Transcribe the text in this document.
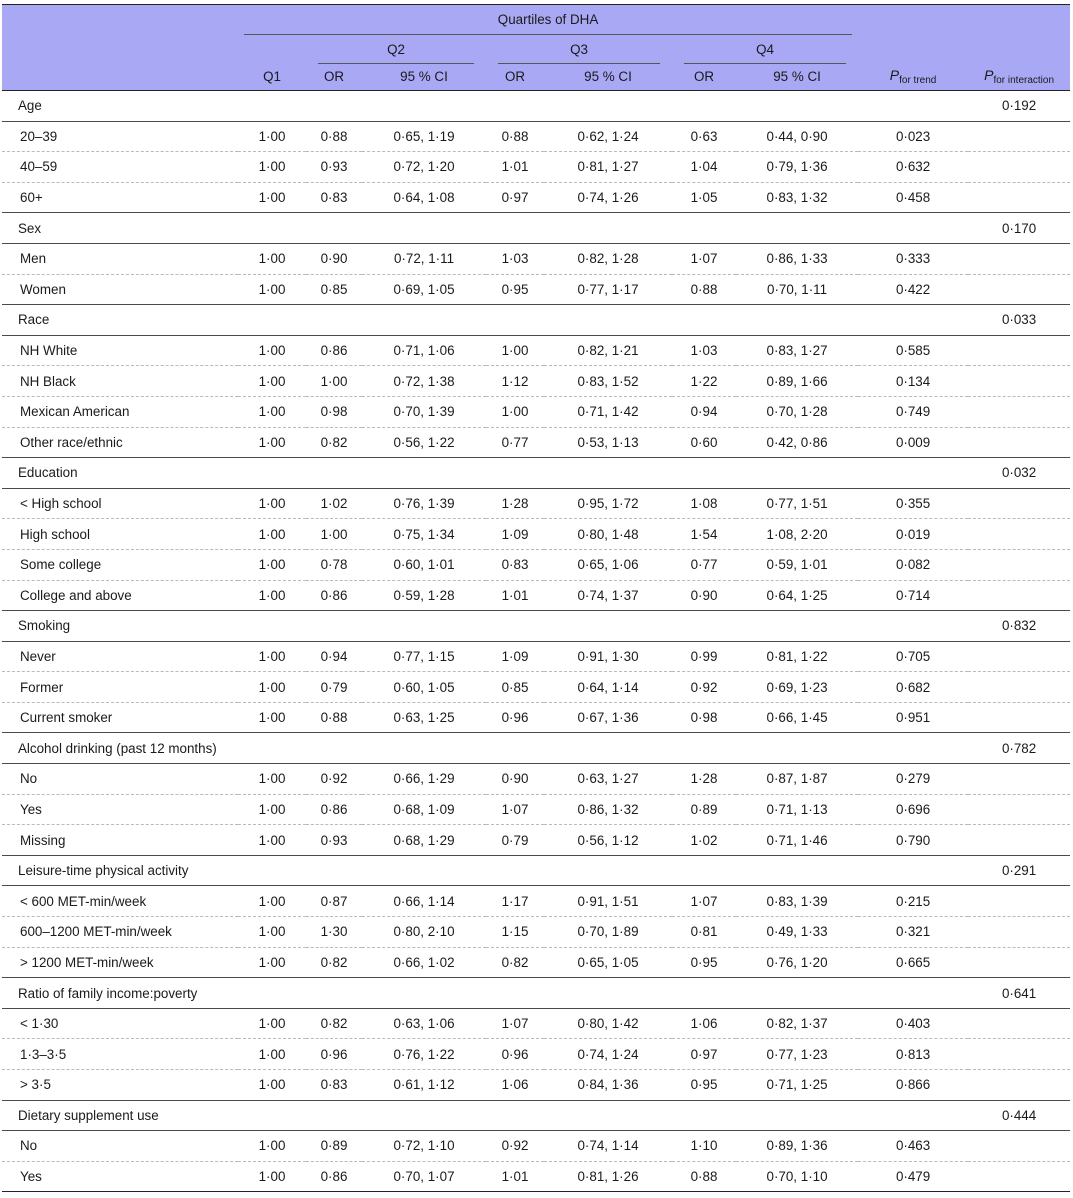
	Quartiles of DHA								
		Q2		Q3		Q4			
	Q1	OR	95 % CI	OR	95 % CI	OR	95 % CI	$P_{for trend}$	$P_{for interaction}$
Age									0·192
20–39	1·00	0·88	0·65, 1·19	0·88	0·62, 1·24	0·63	0·44, 0·90	0·023	
40–59	1·00	0·93	0·72, 1·20	1·01	0·81, 1·27	1·04	0·79, 1·36	0·632	
60+	1·00	0·83	0·64, 1·08	0·97	0·74, 1·26	1·05	0·83, 1·32	0·458	
Sex									0·170
Men	1·00	0·90	0·72, 1·11	1·03	0·82, 1·28	1·07	0·86, 1·33	0·333	
Women	1·00	0·85	0·69, 1·05	0·95	0·77, 1·17	0·88	0·70, 1·11	0·422	
Race									0·033
NH White	1·00	0·86	0·71, 1·06	1·00	0·82, 1·21	1·03	0·83, 1·27	0·585	
NH Black	1·00	1·00	0·72, 1·38	1·12	0·83, 1·52	1·22	0·89, 1·66	0·134	
Mexican American	1·00	0·98	0·70, 1·39	1·00	0·71, 1·42	0·94	0·70, 1·28	0·749	
Other race/ethnic	1·00	0·82	0·56, 1·22	0·77	0·53, 1·13	0·60	0·42, 0·86	0·009	
Education									0·032
< High school	1·00	1·02	0·76, 1·39	1·28	0·95, 1·72	1·08	0·77, 1·51	0·355	
High school	1·00	1·00	0·75, 1·34	1·09	0·80, 1·48	1·54	1·08, 2·20	0·019	
Some college	1·00	0·78	0·60, 1·01	0·83	0·65, 1·06	0·77	0·59, 1·01	0·082	
College and above	1·00	0·86	0·59, 1·28	1·01	0·74, 1·37	0·90	0·64, 1·25	0·714	
Smoking									0·832
Never	1·00	0·94	0·77, 1·15	1·09	0·91, 1·30	0·99	0·81, 1·22	0·705	
Former	1·00	0·79	0·60, 1·05	0·85	0·64, 1·14	0·92	0·69, 1·23	0·682	
Current smoker	1·00	0·88	0·63, 1·25	0·96	0·67, 1·36	0·98	0·66, 1·45	0·951	
Alcohol drinking (past 12 months)									0·782
No	1·00	0·92	0·66, 1·29	0·90	0·63, 1·27	1·28	0·87, 1·87	0·279	
Yes	1·00	0·86	0·68, 1·09	1·07	0·86, 1·32	0·89	0·71, 1·13	0·696	
Missing	1·00	0·93	0·68, 1·29	0·79	0·56, 1·12	1·02	0·71, 1·46	0·790	
Leisure-time physical activity									0·291
< 600 MET-min/week	1·00	0·87	0·66, 1·14	1·17	0·91, 1·51	1·07	0·83, 1·39	0·215	
600–1200 MET-min/week	1·00	1·30	0·80, 2·10	1·15	0·70, 1·89	0·81	0·49, 1·33	0·321	
> 1200 MET-min/week	1·00	0·82	0·66, 1·02	0·82	0·65, 1·05	0·95	0·76, 1·20	0·665	
Ratio of family income:poverty									0·641
< 1·30	1·00	0·82	0·63, 1·06	1·07	0·80, 1·42	1·06	0·82, 1·37	0·403	
1·3–3·5	1·00	0·96	0·76, 1·22	0·96	0·74, 1·24	0·97	0·77, 1·23	0·813	
> 3·5	1·00	0·83	0·61, 1·12	1·06	0·84, 1·36	0·95	0·71, 1·25	0·866	
Dietary supplement use									0·444
No	1·00	0·89	0·72, 1·10	0·92	0·74, 1·14	1·10	0·89, 1·36	0·463	
Yes	1·00	0·86	0·70, 1·07	1·01	0·81, 1·26	0·88	0·70, 1·10	0·479	
